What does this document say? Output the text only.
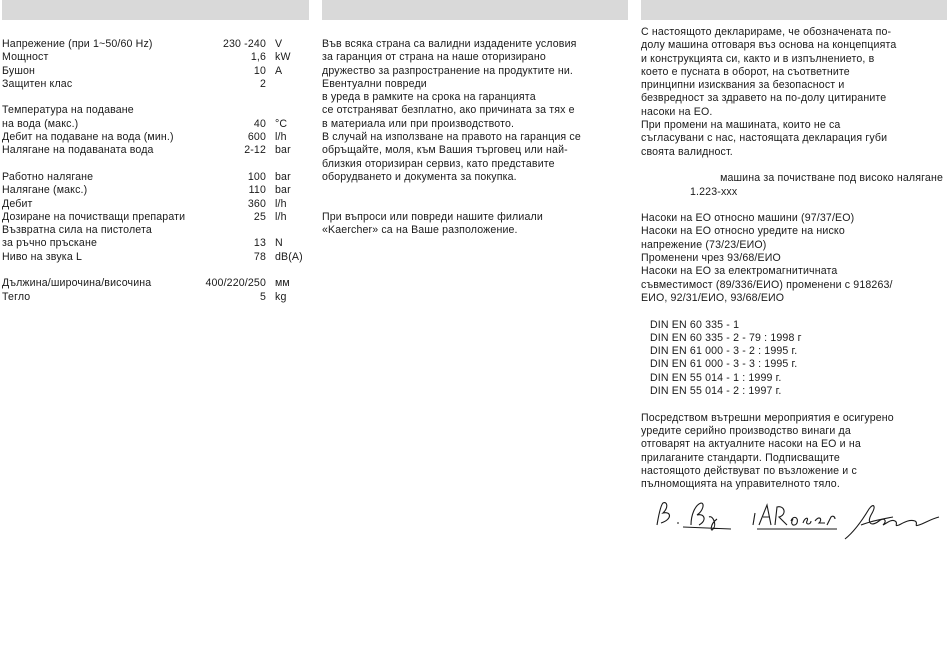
Напрежение (при 1~50/60 Hz)	230 -240 V
Мощност	1,6 kW
Бушон	10 A
Защитен клас	2
Температура на подаване
на вода (макс.)	40 °C
Дебит на подаване на вода (мин.)	600 l/h
Налягане на подаваната вода	2-12 bar
Работно налягане	100 bar
Налягане (макс.)	110 bar
Дебит	360 l/h
Дозиране на почистващи препарати	25 l/h
Възвратна сила на пистолета
за ръчно пръскане	13 N
Ниво на звука L	78 dB(A)
Дължина/широчина/височина	400/220/250 мм
Тегло	5 kg

Във всяка страна са валидни издадените условия

за гаранция от страна на наше оторизирано

дружество за разпространение на продуктите ни.

Евентуални повреди

в уреда в рамките на срока на гаранцията

се отстраняват безплатно, ако причината за тях е

в материала или при производството.

В случай на използване на правото на гаранция се

обръщайте, моля, към Вашия търговец или най-

близкия оторизиран сервиз, като представите

оборудването и документа за покупка.

При въпроси или повреди нашите филиали

«Kaercher» са на Ваше разположение.

С настоящото декларираме, че обозначената по-

долу машина отговаря въз основа на концепцията

и конструкцията си, както и в изпълнението, в

което е пусната в оборот, на съответните

принципни изисквания за безопасност и

безвредност за здравето на по-долу цитираните

насоки на ЕО.

При промени на машината, които не са

съгласувани с нас, настоящата декларация губи

своята валидност.

машина за почистване под високо налягане

1.223-xxx

Насоки на ЕО относно машини (97/37/ЕО)

Насоки на ЕО относно уредите на ниско

напрежение (73/23/ЕИО)

Променени чрез 93/68/ЕИО

Насоки на ЕО за електромагнитичната

съвместимост (89/336/ЕИО) променени с 918263/

ЕИО, 92/31/ЕИО, 93/68/ЕИО

DIN EN 60 335 - 1

DIN EN 60 335 - 2 - 79 : 1998 г

DIN EN 61 000 - 3 - 2 : 1995 г.

DIN EN 61 000 - 3 - 3 : 1995 г.

DIN EN 55 014 - 1 : 1999 г.

DIN EN 55 014 - 2 : 1997 г.

Посредством вътрешни мероприятия е осигурено

уредите серийно производство винаги да

отговарят на актуалните насоки на ЕО и на

прилаганите стандарти. Подписващите

настоящото действуват по възложение и с

пълномощията на управителното тяло.
